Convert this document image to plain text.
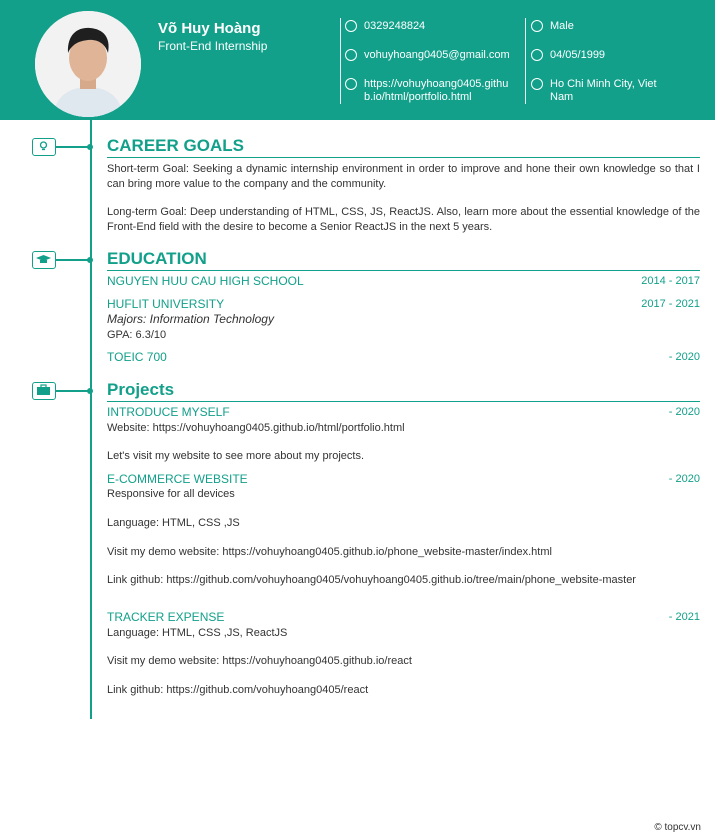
Võ Huy Hoàng
Front-End Internship
0329248824
vohuyhoang0405@gmail.com
https://vohuyhoang0405.github.io/html/portfolio.html
Male
04/05/1999
Ho Chi Minh City, Viet Nam
CAREER GOALS
Short-term Goal: Seeking a dynamic internship environment in order to improve and hone their own knowledge so that I can bring more value to the company and the community.
Long-term Goal: Deep understanding of HTML, CSS, JS, ReactJS. Also, learn more about the essential knowledge of the Front-End field with the desire to become a Senior ReactJS in the next 5 years.
EDUCATION
NGUYEN HUU CAU HIGH SCHOOL	2014 - 2017
HUFLIT UNIVERSITY	2017 - 2021
Majors: Information Technology
GPA: 6.3/10
TOEIC 700	- 2020
Projects
INTRODUCE MYSELF	- 2020
Website: https://vohuyhoang0405.github.io/html/portfolio.html
Let's visit my website to see more about my projects.
E-COMMERCE WEBSITE	- 2020
Responsive for all devices
Language: HTML, CSS ,JS
Visit my demo website: https://vohuyhoang0405.github.io/phone_website-master/index.html
Link github: https://github.com/vohuyhoang0405/vohuyhoang0405.github.io/tree/main/phone_website-master
TRACKER EXPENSE	- 2021
Language: HTML, CSS ,JS, ReactJS
Visit my demo website: https://vohuyhoang0405.github.io/react
Link github: https://github.com/vohuyhoang0405/react
© topcv.vn
